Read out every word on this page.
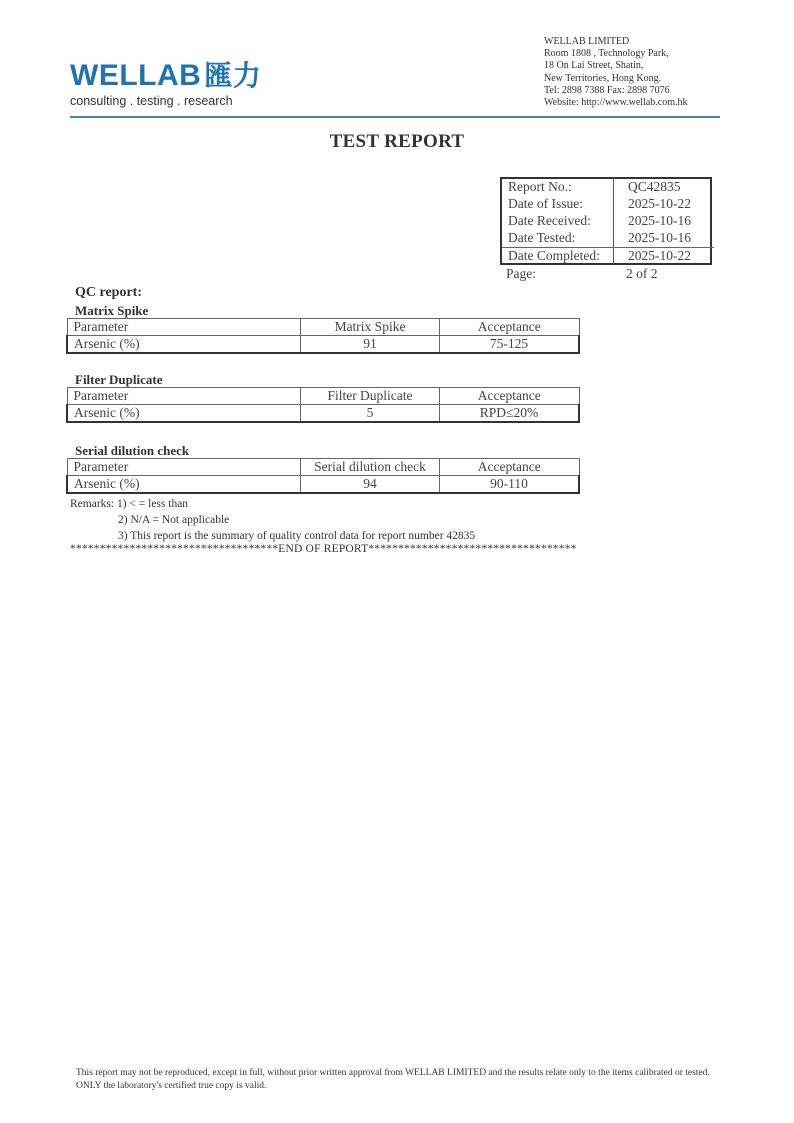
WELLAB 匯力
consulting . testing . research
WELLAB LIMITED
Room 1808 , Technology Park,
18 On Lai Street, Shatin,
New Territories, Hong Kong.
Tel: 2898 7388 Fax: 2898 7076
Website: http://www.wellab.com.hk
TEST REPORT
Report No.:	QC42835
Date of Issue:	2025-10-22
Date Received:	2025-10-16
Date Tested:	2025-10-16
Date Completed: 2025-10-22
Page:	2 of 2
QC report:
Matrix Spike
Parameter	Matrix Spike	Acceptance
Arsenic (%)	91	75-125
Filter Duplicate
Parameter	Filter Duplicate	Acceptance
Arsenic (%)	5	RPD≤20%
Serial dilution check
Parameter	Serial dilution check	Acceptance
Arsenic (%)	94	90-110
Remarks: 1) < = less than
2) N/A = Not applicable
3) This report is the summary of quality control data for report number 42835
***********************************END OF REPORT***********************************
This report may not be reproduced, except in full, without prior written approval from WELLAB LIMITED and the results relate only to the items calibrated or tested. ONLY the laboratory's certified true copy is valid.
